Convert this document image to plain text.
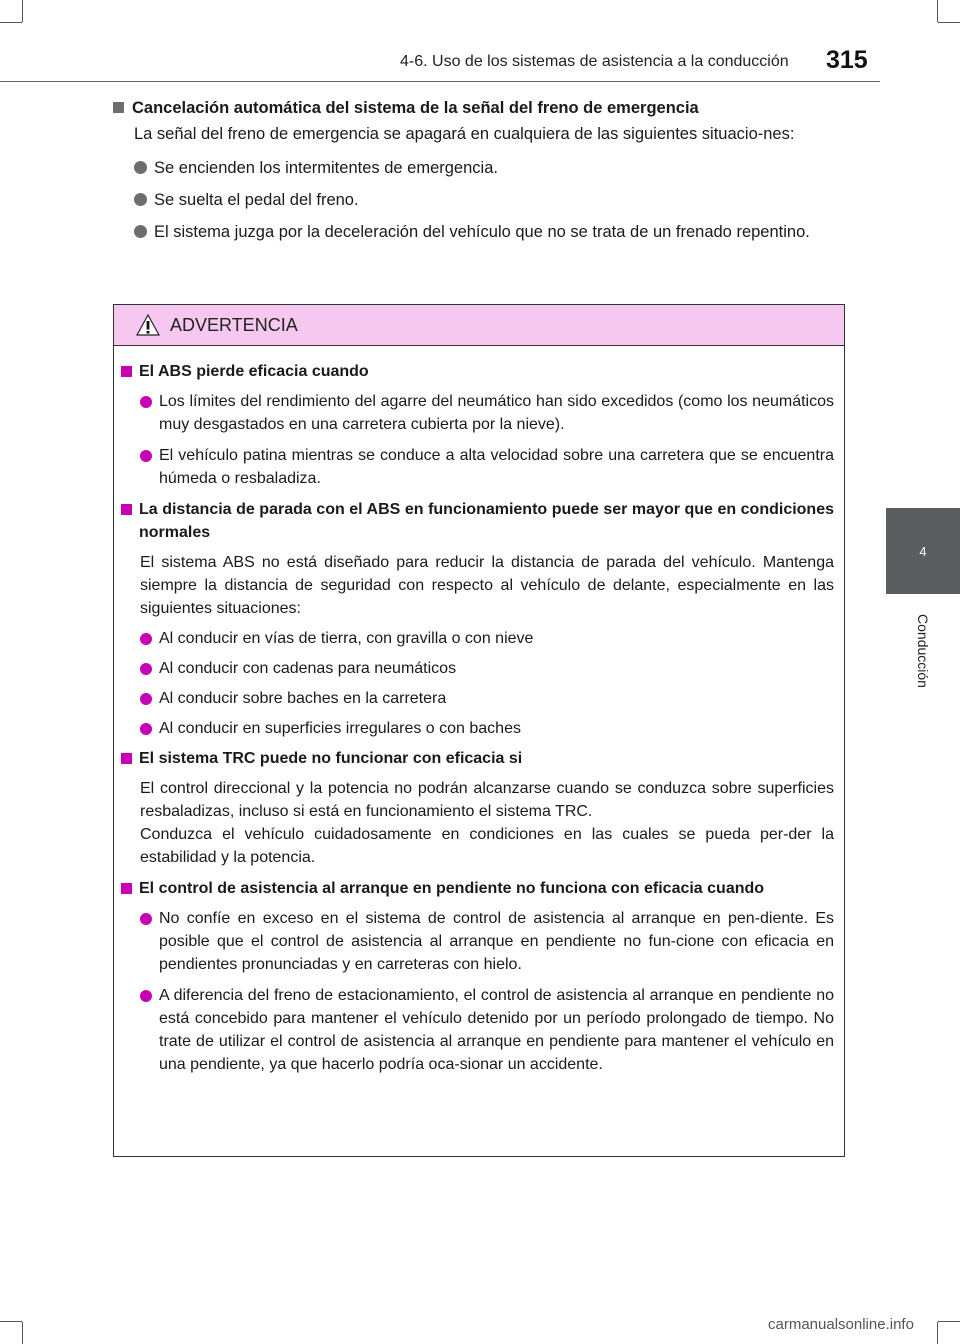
4-6. Uso de los sistemas de asistencia a la conducción 315
4
Conducción
Cancelación automática del sistema de la señal del freno de emergencia
La señal del freno de emergencia se apagará en cualquiera de las siguientes situacio-nes:
Se encienden los intermitentes de emergencia.
Se suelta el pedal del freno.
El sistema juzga por la deceleración del vehículo que no se trata de un frenado repentino.
ADVERTENCIA
El ABS pierde eficacia cuando
Los límites del rendimiento del agarre del neumático han sido excedidos (como los neumáticos muy desgastados en una carretera cubierta por la nieve).
El vehículo patina mientras se conduce a alta velocidad sobre una carretera que se encuentra húmeda o resbaladiza.
La distancia de parada con el ABS en funcionamiento puede ser mayor que en condiciones normales
El sistema ABS no está diseñado para reducir la distancia de parada del vehículo. Mantenga siempre la distancia de seguridad con respecto al vehículo de delante, especialmente en las siguientes situaciones:
Al conducir en vías de tierra, con gravilla o con nieve
Al conducir con cadenas para neumáticos
Al conducir sobre baches en la carretera
Al conducir en superficies irregulares o con baches
El sistema TRC puede no funcionar con eficacia si
El control direccional y la potencia no podrán alcanzarse cuando se conduzca sobre superficies resbaladizas, incluso si está en funcionamiento el sistema TRC.
Conduzca el vehículo cuidadosamente en condiciones en las cuales se pueda per-der la estabilidad y la potencia.
El control de asistencia al arranque en pendiente no funciona con eficacia cuando
No confíe en exceso en el sistema de control de asistencia al arranque en pen-diente. Es posible que el control de asistencia al arranque en pendiente no fun-cione con eficacia en pendientes pronunciadas y en carreteras con hielo.
A diferencia del freno de estacionamiento, el control de asistencia al arranque en pendiente no está concebido para mantener el vehículo detenido por un período prolongado de tiempo. No trate de utilizar el control de asistencia al arranque en pendiente para mantener el vehículo en una pendiente, ya que hacerlo podría oca-sionar un accidente.
carmanualsonline.info
